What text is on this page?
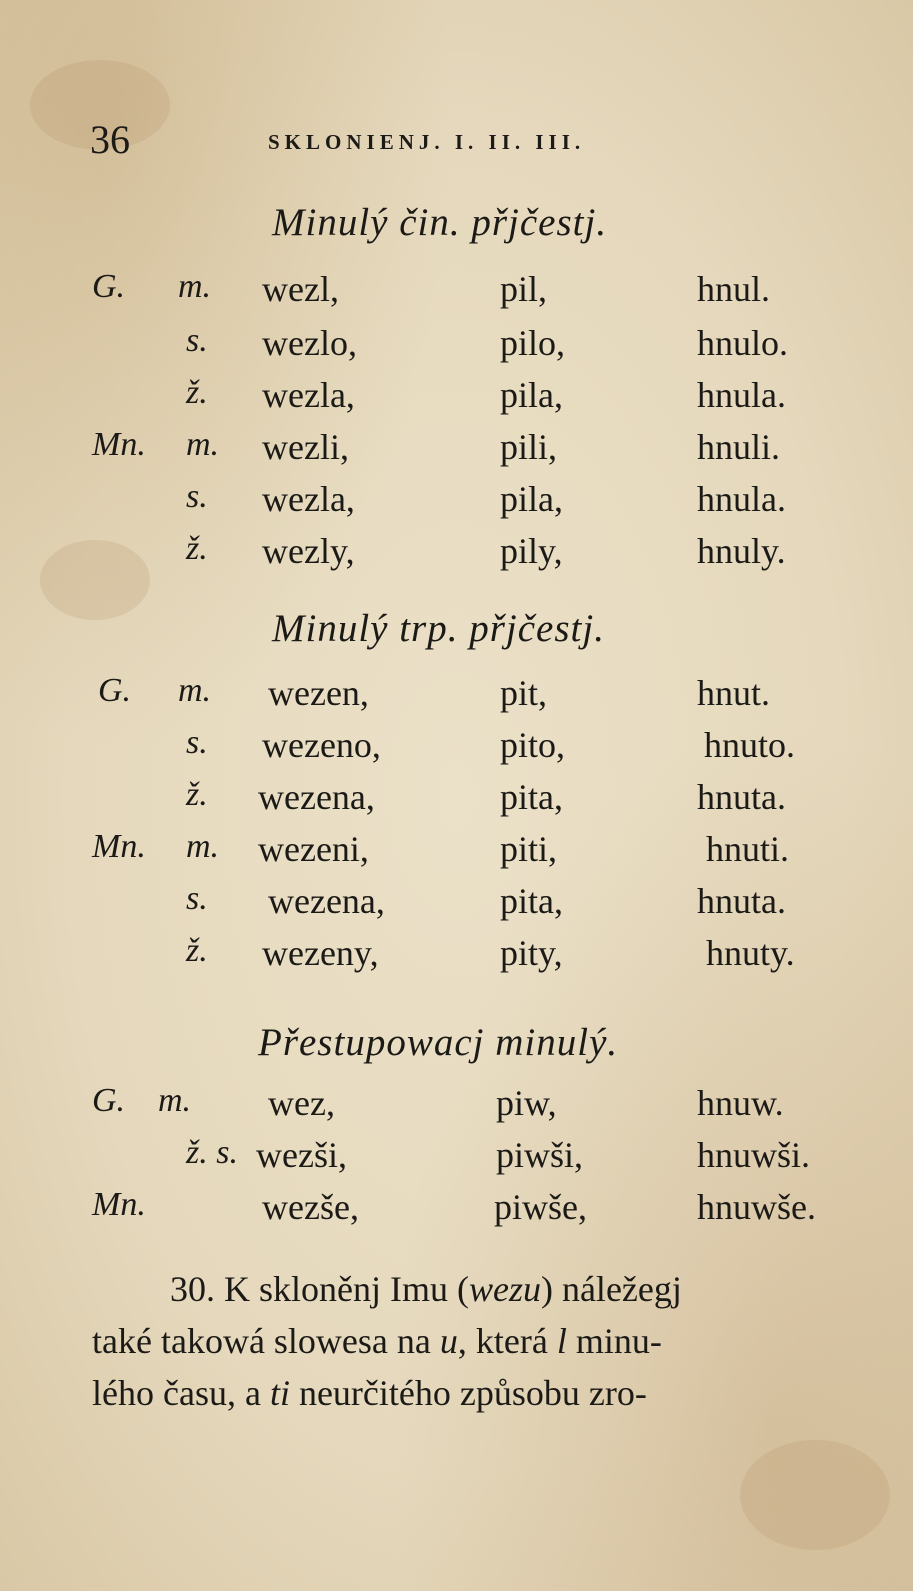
36	SKLONIENJ. I. II. III.
Minulý čin. přjčestj.
G. m. wezl,	pil,	hnul.
s. wezlo,	pilo,	hnulo.
ž. wezla,	pila,	hnula.
Mn. m. wezli,	pili,	hnuli.
s. wezla,	pila,	hnula.
ž. wezly,	pily,	hnuly.
Minulý trp. přjčestj.
G. m. wezen,	pit,	hnut.
s. wezeno,	pito,	hnuto.
ž. wezena,	pita,	hnuta.
Mn. m. wezeni,	piti,	hnuti.
s. wezena,	pita,	hnuta.
ž. wezeny,	pity,	hnuty.
Přestupowacj minulý.
G. m. wez,	piw,	hnuw.
ž. s. wezši,	piwši,	hnuwši.
Mn.	wezše,	piwše,	hnuwše.
30. K skloněnj Imu (wezu) náležegj
také takowá slowesa na u, která l minu-
lého času, a ti neurčitého způsobu zro-
